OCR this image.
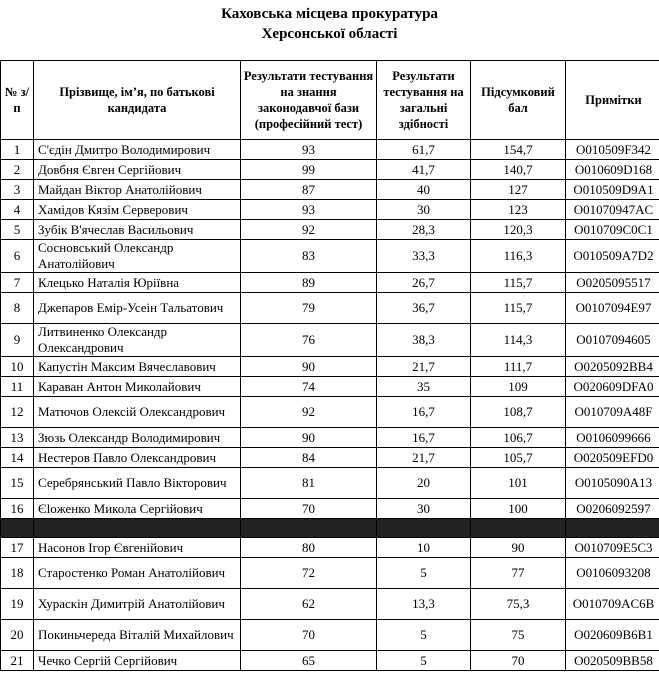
Каховська місцева прокуратура
Херсонської області
№ з/п	Прізвище, ім’я, по батькові кандидата	Результати тестування на знання законодавчої бази (професійний тест)	Результати тестування на загальні здібності	Підсумковий бал	Примітки
1	С'єдін Дмитро Володимирович	93	61,7	154,7	O010509F342
2	Довбня Євген Сергійович	99	41,7	140,7	O010609D168
3	Майдан Віктор Анатолійович	87	40	127	O010509D9A1
4	Хамідов Кязім Серверович	93	30	123	O01070947AC
5	Зубік В'ячеслав Васильович	92	28,3	120,3	O010709C0C1
6	Сосновський Олександр Анатолійович	83	33,3	116,3	O010509A7D2
7	Клецько Наталія Юріївна	89	26,7	115,7	O0205095517
8	Джепаров Емір-Усеін Тальатович	79	36,7	115,7	O0107094E97
9	Литвиненко Олександр Олександрович	76	38,3	114,3	O0107094605
10	Капустін Максим Вячеславович	90	21,7	111,7	O0205092BB4
11	Караван Антон Миколайович	74	35	109	O020609DFA0
12	Матючов Олексій Олександрович	92	16,7	108,7	O010709A48F
13	Зюзь Олександр Володимирович	90	16,7	106,7	O0106099666
14	Нестеров Павло Олександрович	84	21,7	105,7	O020509EFD0
15	Серебрянський Павло Вікторович	81	20	101	O0105090A13
16	Єloженко Микола Сергійович	70	30	100	O0206092597

17	Насонов Ігор Євгенійович	80	10	90	O010709E5C3
18	Старостенко Роман Анатолійович	72	5	77	O0106093208
19	Хураскін Димитрій Анатолійович	62	13,3	75,3	O010709AC6B
20	Покиньчереда Віталій Михайлович	70	5	75	O020609B6B1
21	Чечко Сергій Сергійович	65	5	70	O020509BB58
